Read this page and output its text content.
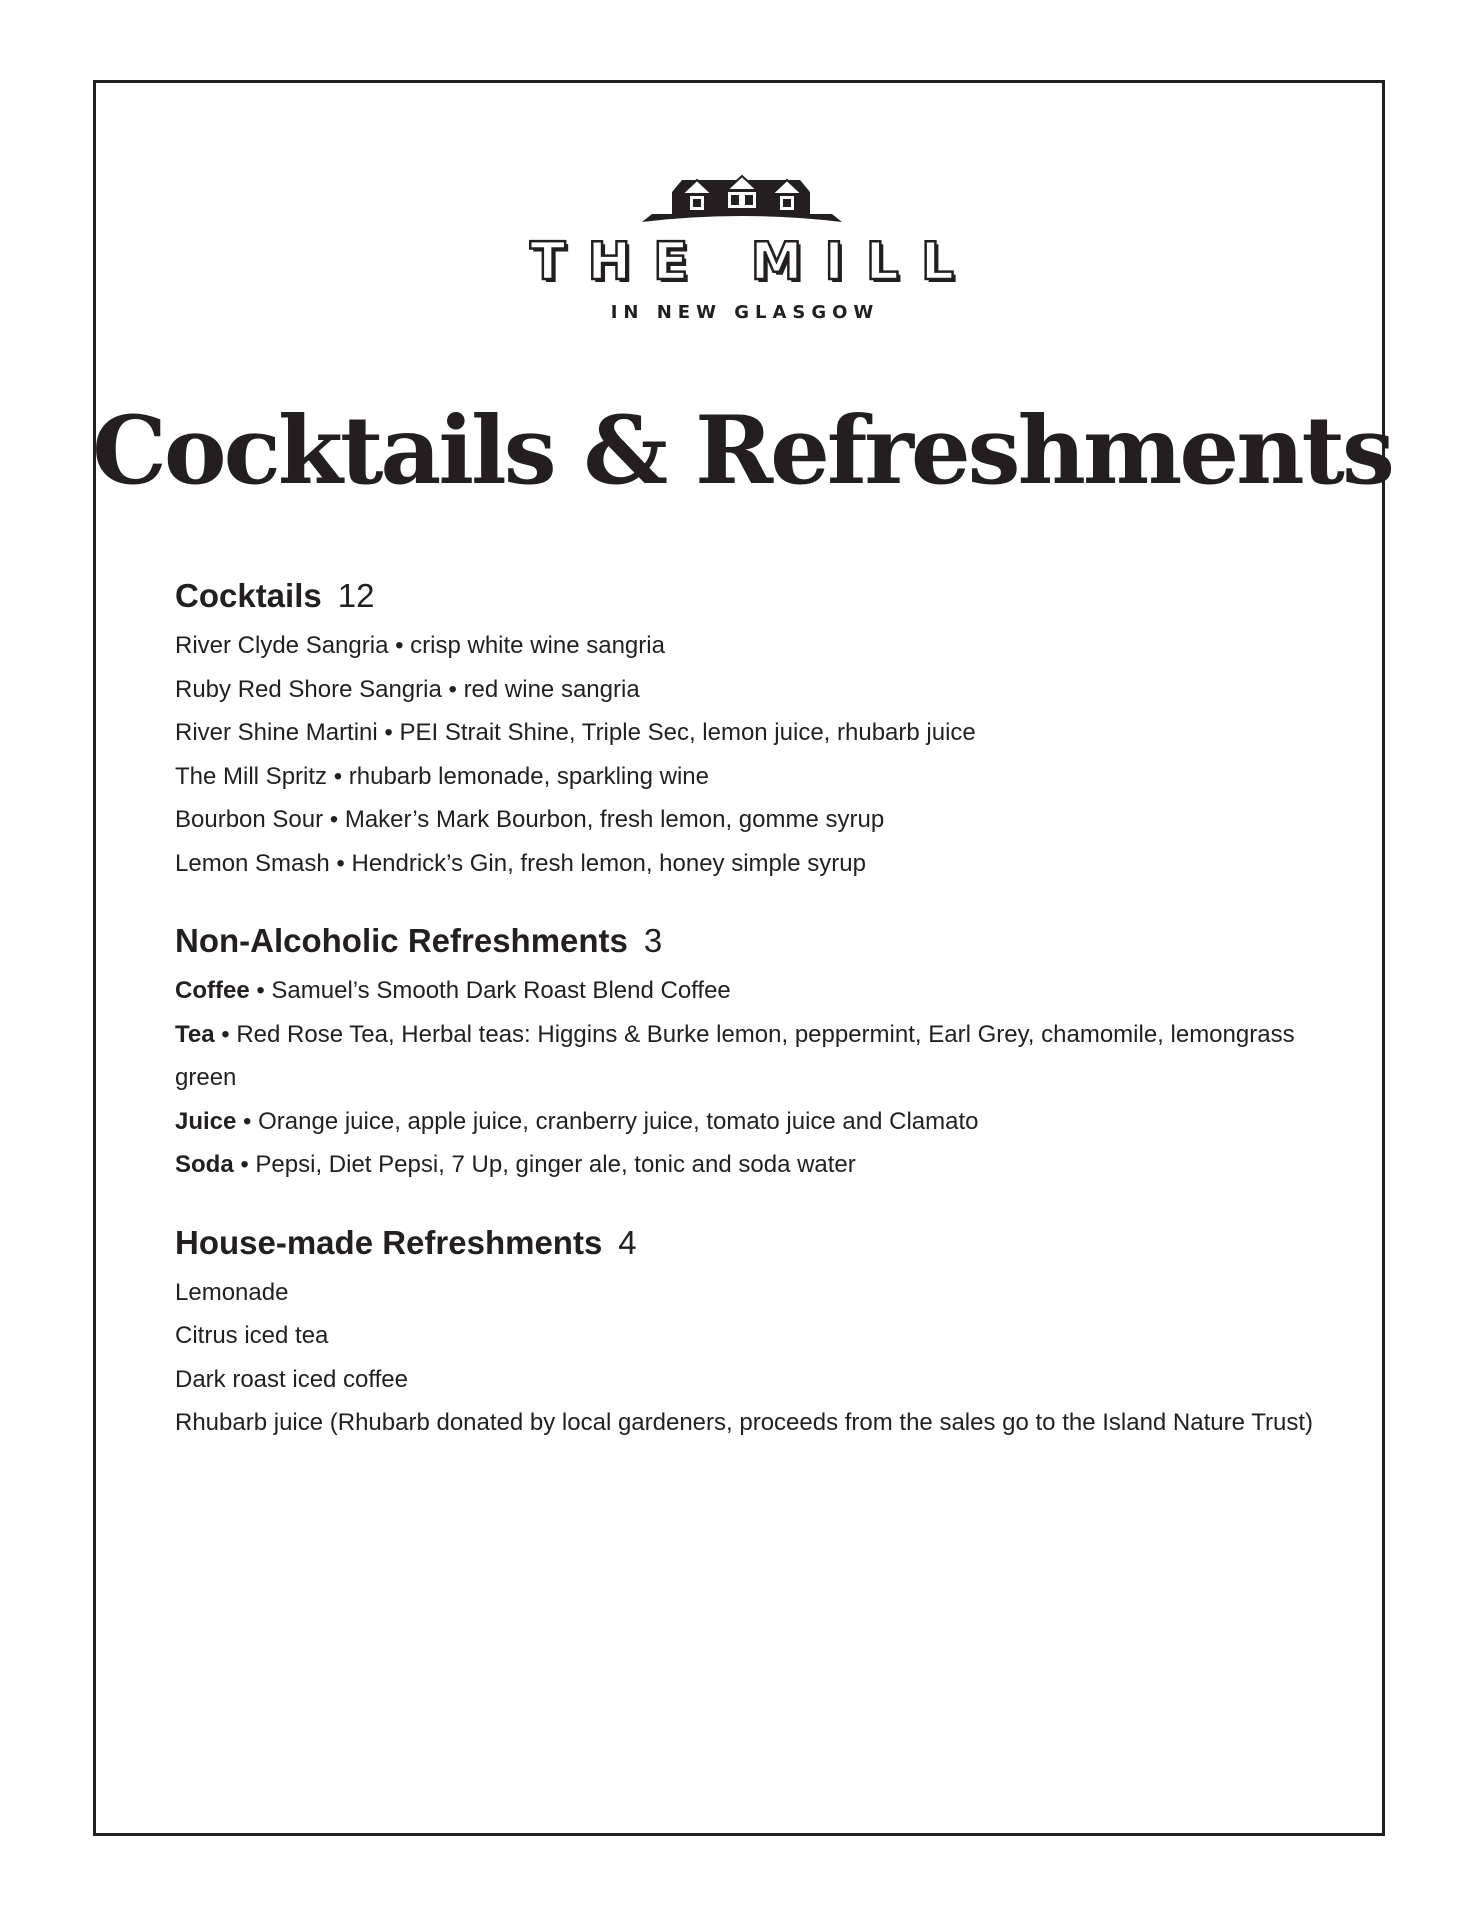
THE MILL
IN NEW GLASGOW
Cocktails & Refreshments
Cocktails 12
River Clyde Sangria • crisp white wine sangria
Ruby Red Shore Sangria • red wine sangria
River Shine Martini • PEI Strait Shine, Triple Sec, lemon juice, rhubarb juice
The Mill Spritz • rhubarb lemonade, sparkling wine
Bourbon Sour • Maker’s Mark Bourbon, fresh lemon, gomme syrup
Lemon Smash • Hendrick’s Gin, fresh lemon, honey simple syrup
Non-Alcoholic Refreshments 3
Coffee • Samuel’s Smooth Dark Roast Blend Coffee
Tea • Red Rose Tea, Herbal teas: Higgins & Burke lemon, peppermint, Earl Grey, chamomile, lemongrass green
Juice • Orange juice, apple juice, cranberry juice, tomato juice and Clamato
Soda • Pepsi, Diet Pepsi, 7 Up, ginger ale, tonic and soda water
House-made Refreshments 4
Lemonade
Citrus iced tea
Dark roast iced coffee
Rhubarb juice (Rhubarb donated by local gardeners, proceeds from the sales go to the Island Nature Trust)
